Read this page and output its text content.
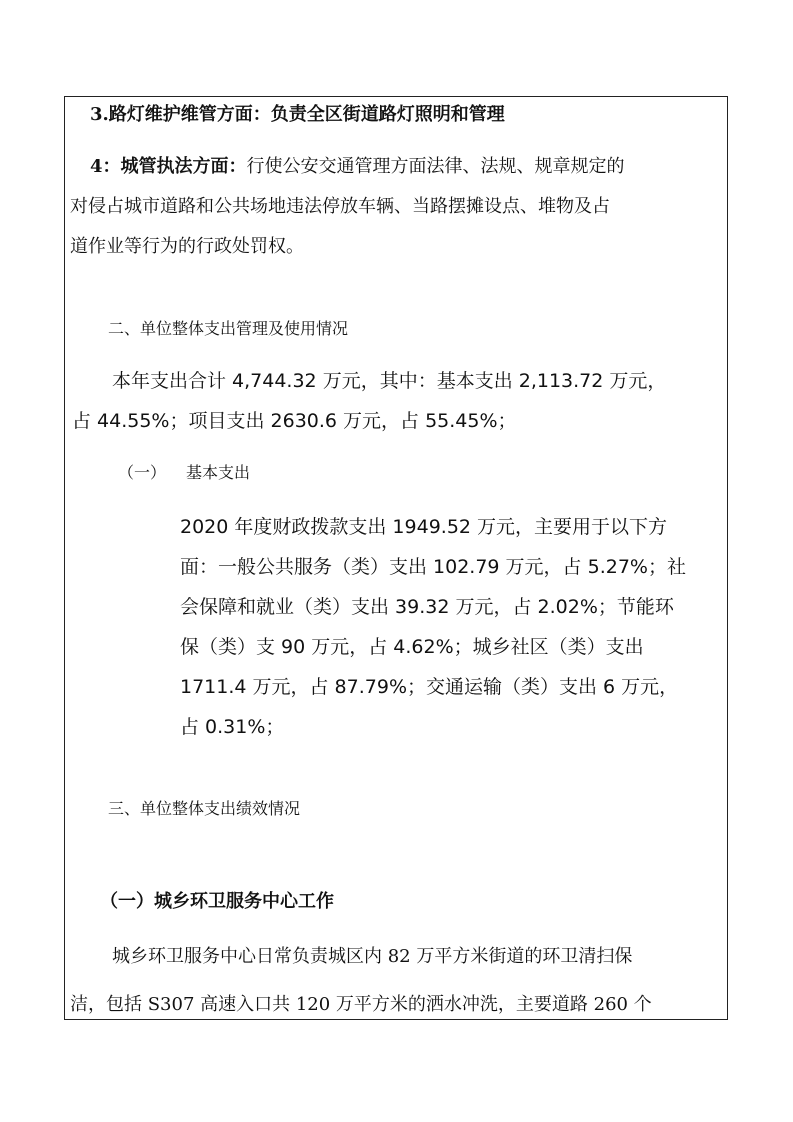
3.路灯维护维管方面：负责全区街道路灯照明和管理
4：城管执法方面：行使公安交通管理方面法律、法规、规章规定的
对侵占城市道路和公共场地违法停放车辆、当路摆摊设点、堆物及占
道作业等行为的行政处罚权。
二、单位整体支出管理及使用情况
本年支出合计 4,744.32 万元，其中：基本支出 2,113.72 万元，
占 44.55%；项目支出 2630.6 万元，占 55.45%；
（一） 基本支出
2020 年度财政拨款支出 1949.52 万元，主要用于以下方
面：一般公共服务（类）支出 102.79 万元，占 5.27%；社
会保障和就业（类）支出 39.32 万元，占 2.02%；节能环
保（类）支 90 万元，占 4.62%；城乡社区（类）支出
1711.4 万元，占 87.79%；交通运输（类）支出 6 万元，
占 0.31%；
三、单位整体支出绩效情况
（一）城乡环卫服务中心工作
城乡环卫服务中心日常负责城区内 82 万平方米街道的环卫清扫保
洁，包括 S307 高速入口共 120 万平方米的洒水冲洗，主要道路 260 个
